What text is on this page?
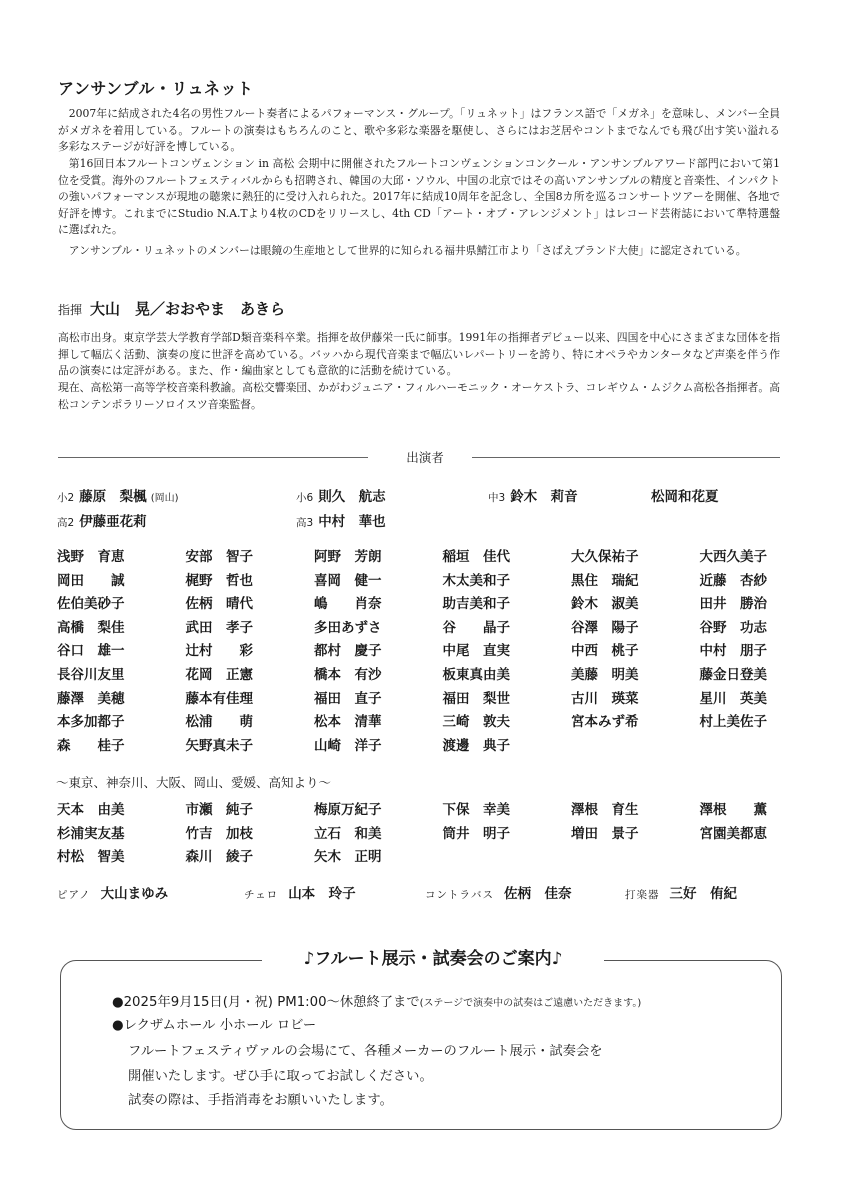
アンサンブル・リュネット

2007年に結成された4名の男性フルート奏者によるパフォーマンス・グループ。「リュネット」はフランス語で「メガネ」を意味し、メンバー全員がメガネを着用している。フルートの演奏はもちろんのこと、歌や多彩な楽器を駆使し、さらにはお芝居やコントまでなんでも飛び出す笑い溢れる多彩なステージが好評を博している。

第16回日本フルートコンヴェンション in 高松 会期中に開催されたフルートコンヴェンションコンクール・アンサンブルアワード部門において第1位を受賞。海外のフルートフェスティバルからも招聘され、韓国の大邱・ソウル、中国の北京ではその高いアンサンブルの精度と音楽性、インパクトの強いパフォーマンスが現地の聴衆に熱狂的に受け入れられた。2017年に結成10周年を記念し、全国8カ所を巡るコンサートツアーを開催、各地で好評を博す。これまでにStudio N.A.Tより4枚のCDをリリースし、4th CD「アート・オブ・アレンジメント」はレコード芸術誌において準特選盤に選ばれた。

アンサンブル・リュネットのメンバーは眼鏡の生産地として世界的に知られる福井県鯖江市より「さばえブランド大使」に認定されている。

指揮 大山　晃／おおやま　あきら

高松市出身。東京学芸大学教育学部D類音楽科卒業。指揮を故伊藤栄一氏に師事。1991年の指揮者デビュー以来、四国を中心にさまざまな団体を指揮して幅広く活動、演奏の度に世評を高めている。バッハから現代音楽まで幅広いレパートリーを誇り、特にオペラやカンタータなど声楽を伴う作品の演奏には定評がある。また、作・編曲家としても意欲的に活動を続けている。

現在、高松第一高等学校音楽科教諭。高松交響楽団、かがわジュニア・フィルハーモニック・オーケストラ、コレギウム・ムジクム高松各指揮者。高松コンテンポラリーソロイスツ音楽監督。

出演者
小2 藤原　梨楓 (岡山)	小6 則久　航志	中3 鈴木　莉音	松岡和花夏
高2 伊藤亜花莉	高3 中村　華也
浅野　育恵	安部　智子	阿野　芳朗	稲垣　佳代	大久保祐子	大西久美子
岡田　　誠	梶野　哲也	喜岡　健一	木太美和子	黒住　瑞紀	近藤　杏紗
佐伯美砂子	佐柄　晴代	嶋　　肖奈	助吉美和子	鈴木　淑美	田井　勝治
高橋　梨佳	武田　孝子	多田あずさ	谷　　晶子	谷澤　陽子	谷野　功志
谷口　雄一	辻村　　彩	都村　慶子	中尾　直実	中西　桃子	中村　朋子
長谷川友里	花岡　正憲	橋本　有沙	板東真由美	美藤　明美	藤金日登美
藤澤　美穂	藤本有佳理	福田　直子	福田　梨世	古川　瑛菜	星川　英美
本多加都子	松浦　　萌	松本　清華	三崎　敦夫	宮本みず希	村上美佐子
森　　桂子	矢野真未子	山崎　洋子	渡邊　典子
〜東京、神奈川、大阪、岡山、愛媛、高知より〜
天本　由美	市瀬　純子	梅原万紀子	下保　幸美	澤根　育生	澤根　　薫
杉浦実友基	竹吉　加枝	立石　和美	筒井　明子	増田　景子	宮園美都恵
村松　智美	森川　綾子	矢木　正明
ピアノ 大山まゆみ	チェロ 山本　玲子	コントラバス 佐柄　佳奈	打楽器 三好　侑紀
♪フルート展示・試奏会のご案内♪
●2025年9月15日(月・祝) PM1:00〜休憩終了まで(ステージで演奏中の試奏はご遠慮いただきます。)
●レクザムホール 小ホール ロビー
フルートフェスティヴァルの会場にて、各種メーカーのフルート展示・試奏会を
開催いたします。ぜひ手に取ってお試しください。
試奏の際は、手指消毒をお願いいたします。
